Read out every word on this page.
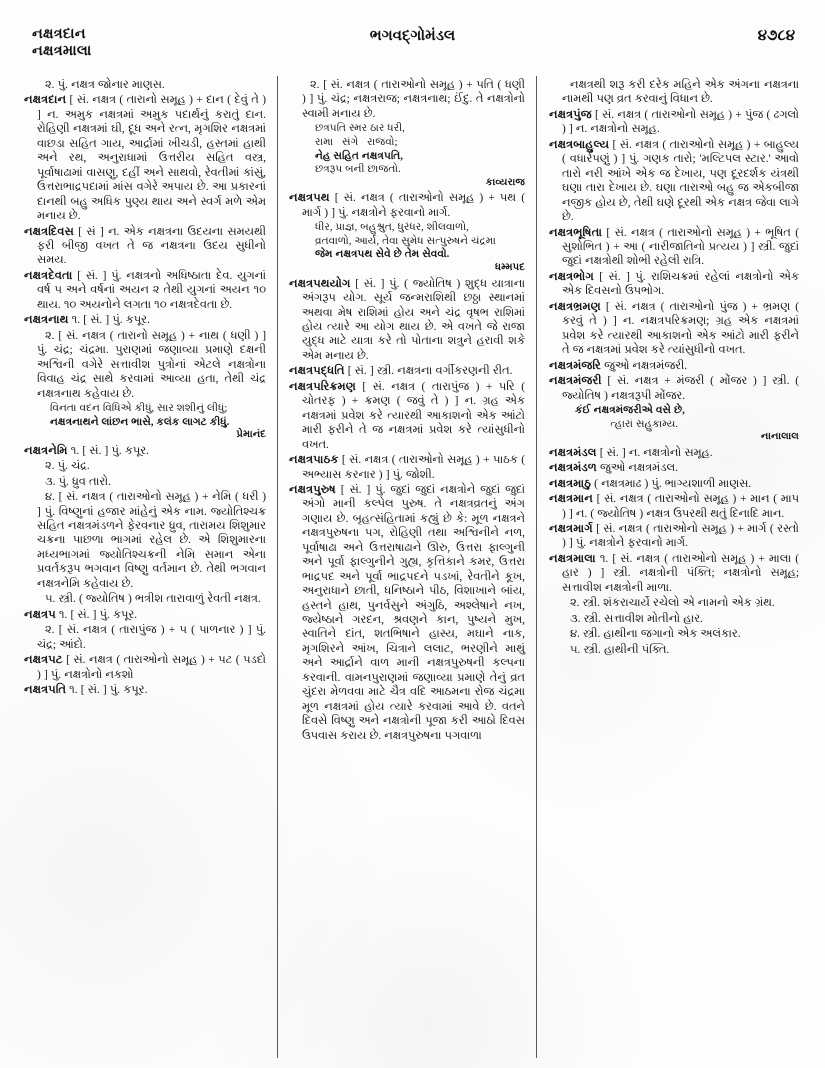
નક્ષત્રદાન
નક્ષત્રમાલા
ભગવદ્ગોમંડલ	૪૭૮૪

૨. પું. નક્ષત્ર જોનાર માણસ.

નક્ષત્રદાન [ સં. નક્ષત્ર ( તારાનો સમૂહ ) + દાન ( દેવું તે ) ] ન. અમુક નક્ષત્રમાં અમુક પદાર્થનું કરાતું દાન. રોહિણી નક્ષત્રમાં ઘી, દૂધ અને રત્ન, મૃગશિર નક્ષત્રમાં વાછડા સહિત ગાય, આર્દ્રામાં ખીચડી, હસ્તમાં હાથી અને રથ, અનુરાધામાં ઉત્તરીય સહિત વસ્ત્ર, પૂર્વાષાઢામાં વાસણુ, દહીં અને સાથવો, રેવતીમાં કાંસું, ઉત્તરાભાદ્રપદામાં માંસ વગેરે અપાય છે. આ પ્રકારનાં દાનથી બહુ અધિક પુણ્ય થાય અને સ્વર્ગ મળે એમ મનાય છે.

નક્ષત્રદિવસ [ સં ] ન. એક નક્ષત્રના ઉદયના સમયથી ફરી બીજી વખત તે જ નક્ષત્રના ઉદય સુધીનો સમય.

નક્ષત્રદેવતા [ સં. ] પું. નક્ષત્રનો અધિષ્ઠાતા દેવ. યુગનાં વર્ષ ૫ અને વર્ષનાં અયન ૨ તેથી યુગનાં અયન ૧૦ થાય. ૧૦ અયનોને લગતા ૧૦ નક્ષત્રદેવતા છે.

નક્ષત્રનાથ ૧. [ સં. ] પું. કપૂર.

૨. [ સં. નક્ષત્ર ( તારાનો સમૂહ ) + નાથ ( ધણી ) ] પું. ચંદ્ર; ચંદ્રમા. પુરાણમાં જણાવ્યા પ્રમાણે દક્ષની અશ્વિની વગેરે સત્તાવીશ પુત્રોનાં એટલે નક્ષત્રોના વિવાહ ચંદ્ર સાથે કરવામાં આવ્યા હતા, તેથી ચંદ્ર નક્ષત્રનાથ કહેવાય છે.

વિનતા વદન વિધિએ કીધું, સાર શશીનું લીધું;
નક્ષત્રનાથને લાંછન ભાસે, કલંક લાગટ કીધું.
પ્રેમાનંદ

નક્ષત્રનેમિ ૧. [ સં. ] પું. કપૂર.

૨. પું. ચંદ્ર.

૩. પું. ધ્રુવ તારો.

૪. [ સં. નક્ષત્ર ( તારાઓનો સમૂહ ) + નેમિ ( ધરી ) ] પું. વિષ્ણુનાં હજાર માંહેનું એક નામ. જ્યોતિશ્ચક્ર સહિત નક્ષત્રમંડળને ફેરવનાર ધ્રુવ, તારામય શિશુમાર ચક્રના પાછળા ભાગમાં રહેલ છે. એ શિશુમારના મધ્યભાગમાં જ્યોતિશ્ચક્રની નેમિ સમાન એના પ્રવર્તકરૂપ ભગવાન વિષ્ણુ વર્તમાન છે. તેથી ભગવાન નક્ષત્રનેમિ કહેવાય છે.

૫. સ્ત્રી. ( જ્યોતિષ ) ભત્રીશ તારાવાળું રેવતી નક્ષત્ર.

નક્ષત્રપ ૧. [ સં. ] પું. કપૂર.

૨. [ સં. નક્ષત્ર ( તારાપુંજ ) + પ ( પાળનાર ) ] પું. ચંદ્ર; આંદો.

નક્ષત્રપટ [ સં. નક્ષત્ર ( તારાઓનો સમૂહ ) + પટ ( પડદો ) ] પું. નક્ષત્રોનો નકશો

નક્ષત્રપતિ ૧. [ સં. ] પું. કપૂર.

૨. [ સં. નક્ષત્ર ( તારાઓનો સમૂહ ) + પતિ ( ધણી ) ] પું. ચંદ્ર; નક્ષત્રરાજ; નક્ષત્રનાથ; ઈંદુ. તે નક્ષત્રોનો સ્વામી મનાય છે.

છત્રપતિ સ્મર ઠાર ધરી,
રામા   સંગે   રાજવો;
નેહ સહિત નક્ષત્રપતિ,
છત્રરૂપ બની છાજતો.
કાવ્યરાજ

નક્ષત્રપથ [ સં. નક્ષત્ર ( તારાઓનો સમૂહ ) + પથ ( માર્ગ ) ] પું. નક્ષત્રોને ફરવાનો માર્ગ.

ધીર, પ્રાજ્ઞ, બહુશ્રુત, ધુરંધર, શીલવાળો,
વ્રતવાળો, આર્ય, તેવા સુમેધ સત્પુરુષને ચંદ્રમા
જેમ નક્ષત્રપથ સેવે છે તેમ સેવવો.
ધમ્મપદ

નક્ષત્રપથયોગ [ સં. ] પું. ( જ્યોતિષ ) શુદ્ધ યાત્રાના અંગરૂપ યોગ. સૂર્ય જન્મરાશિથી છઠ્ઠા સ્થાનમાં અથવા મેષ રાશિમાં હોય અને ચંદ્ર વૃષભ રાશિમાં હોય ત્યારે આ યોગ થાય છે. એ વખતે જે રાજા યુદ્ધ માટે યાત્રા કરે તો પોતાના શત્રુને હરાવી શકે એમ મનાય છે.

નક્ષત્રપદ્ધતિ [ સં. ] સ્ત્રી. નક્ષત્રના વર્ગીકરણની રીત.

નક્ષત્રપરિક્રમણ [ સં. નક્ષત્ર ( તારાપુંજ ) + પરિ ( ચોતરફ ) + ક્રમણ ( જવું તે ) ] ન. ગ્રહ એક નક્ષત્રમાં પ્રવેશ કરે ત્યારથી આકાશનો એક આંટો મારી ફરીને તે જ નક્ષત્રમાં પ્રવેશ કરે ત્યાંસુધીનો વખત.

નક્ષત્રપાઠક [ સં. નક્ષત્ર ( તારાઓનો સમૂહ ) + પાઠક ( અભ્યાસ કરનાર ) ] પું. જોશી.

નક્ષત્રપુરુષ [ સં. ] પું. જુદાં જુદાં નક્ષત્રોને જુદાં જુદાં અંગો માની કલ્પેલ પુરુષ. તે નક્ષત્રવ્રતનું અંગ ગણાય છે. બૃહત્સંહિતામાં કહ્યું છે કે: મૂળ નક્ષત્રને નક્ષત્રપુરુષના પગ, રોહિણી તથા અશ્વિનીને નળ, પૂર્વાષાઢા અને ઉત્તરાષાઢાને ઊરુ, ઉત્તરા ફાલ્ગુની અને પૂર્વા ફાલ્ગુનીને ગુહ્ય, કૃત્તિકાને કમર, ઉત્તરા ભાદ્રપદ અને પૂર્વા ભાદ્રપદને પડખાં, રેવતીને કૂખ, અનુરાધાને છાતી, ધનિષ્ઠાને પીઠ, વિશાખાને બાંય, હસ્તને હાથ, પુનર્વસુને અંગુઠિ, અશ્લેષાને નખ, જ્યેષ્ઠાને ગરદન, શ્રવણને કાન, પુષ્યને મુખ, સ્વાતિને દાંત, શતભિષાને હાસ્ય, મઘાને નાક, મૃગશિરને આંખ, ચિત્રાને લલાટ, ભરણીને માથું અને આર્દ્રાને વાળ માની નક્ષત્રપુરુષની કલ્પના કરવાની. વામનપુરાણમાં જણાવ્યા પ્રમાણે તેનું વ્રત ચુંદરા મેળવવા માટે ચૈત્ર વદિ આઠમના રોજ ચંદ્રમા મૂળ નક્ષત્રમાં હોય ત્યારે કરવામાં આવે છે. વતને દિવસે વિષ્ણુ અને નક્ષત્રોની પૂજા કરી આઠો દિવસ ઉપવાસ કરાય છે. નક્ષત્રપુરુષના પગવાળા

નક્ષત્રથી શરૂ કરી દરેક મહિને એક અંગના નક્ષત્રના નામથી પણ વ્રત કરવાનું વિધાન છે.

નક્ષત્રપુંજ [ સં. નક્ષત્ર ( તારાઓનો સમૂહ ) + પુંજ ( ઢગલો ) ] ન. નક્ષત્રોનો સમૂહ.

નક્ષત્રબાહુલ્ય [ સં. નક્ષત્ર ( તારાઓનો સમૂહ ) + બાહુલ્ય ( વધારેપણું ) ] પું. ગણક તારો; 'મલ્ટિપલ સ્ટાર.' આવો તારો નરી આંખે એક જ દેખાય, પણ દૂરદર્શક યંત્રથી ઘણા તારા દેખાય છે. ઘણા તારાઓ બહુ જ એકબીજા નજીક હોય છે, તેથી ઘણે દૂરથી એક નક્ષત્ર જેવા લાગે છે.

નક્ષત્રભૂષિતા [ સં. નક્ષત્ર ( તારાઓનો સમૂહ ) + ભૂષિત ( સુશોભિત ) + આ ( નારીજાતિનો પ્રત્યય ) ] સ્ત્રી. જુદાં જુદાં નક્ષત્રોથી શોભી રહેલી રાત્રિ.

નક્ષત્રભોગ [ સં. ] પું. રાશિચક્રમાં રહેલાં નક્ષત્રોનો એક એક દિવસનો ઉપભોગ.

નક્ષત્રભ્રમણ [ સં. નક્ષત્ર ( તારાઓનો પુંજ ) + ભ્રમણ ( કરવું તે ) ] ન. નક્ષત્રપરિક્રમણ; ગ્રહ એક નક્ષત્રમાં પ્રવેશ કરે ત્યારથી આકાશનો એક આંટો મારી ફરીને તે જ નક્ષત્રમાં પ્રવેશ કરે ત્યાંસુધીનો વખત.

નક્ષત્રમંજરિ જુઓ નક્ષત્રમંજરી.

નક્ષત્રમંજરી [ સં. નક્ષત્ર + મંજરી ( મોંજર ) ] સ્ત્રી. ( જ્યોતિષ ) નક્ષત્રરૂપી મોંજર.

કંઈ નક્ષત્રમંજરીએ વસે છે,
ત્હારાં સહુકામ્ય.
નાનાલાલ

નક્ષત્રમંડલ [ સં. ] ન. નક્ષત્રોનો સમૂહ.

નક્ષત્રમંડળ જુઓ નક્ષત્રમંડલ.

નક્ષત્રમાઠુ ( નક્ષત્રમાઢ ) પું. ભાગ્યશાળી માણસ.

નક્ષત્રમાન [ સં. નક્ષત્ર ( તારાઓનો સમૂહ ) + માન ( માપ ) ] ન. ( જ્યોતિષ ) નક્ષત્ર ઉપરથી થતું દિનાદિ માન.

નક્ષત્રમાર્ગ [ સં. નક્ષત્ર ( તારાઓનો સમૂહ ) + માર્ગ ( રસ્તો ) ] પું. નક્ષત્રોને ફરવાનો માર્ગ.

નક્ષત્રમાલા ૧. [ સં. નક્ષત્ર ( તારાઓનો સમૂહ ) + માલા ( હાર ) ] સ્ત્રી. નક્ષત્રોની પંક્તિ; નક્ષત્રોનો સમૂહ; સત્તાવીશ નક્ષત્રોની માળા.

૨. સ્ત્રી. શંકરાચાર્યે રચેલો એ નામનો એક ગ્રંથ.

૩. સ્ત્રી. સત્તાવીશ મોતીનો હાર.

૪. સ્ત્રી. હાથીના જગાનો એક અલંકાર.

૫. સ્ત્રી. હાથીની પંક્તિ.
